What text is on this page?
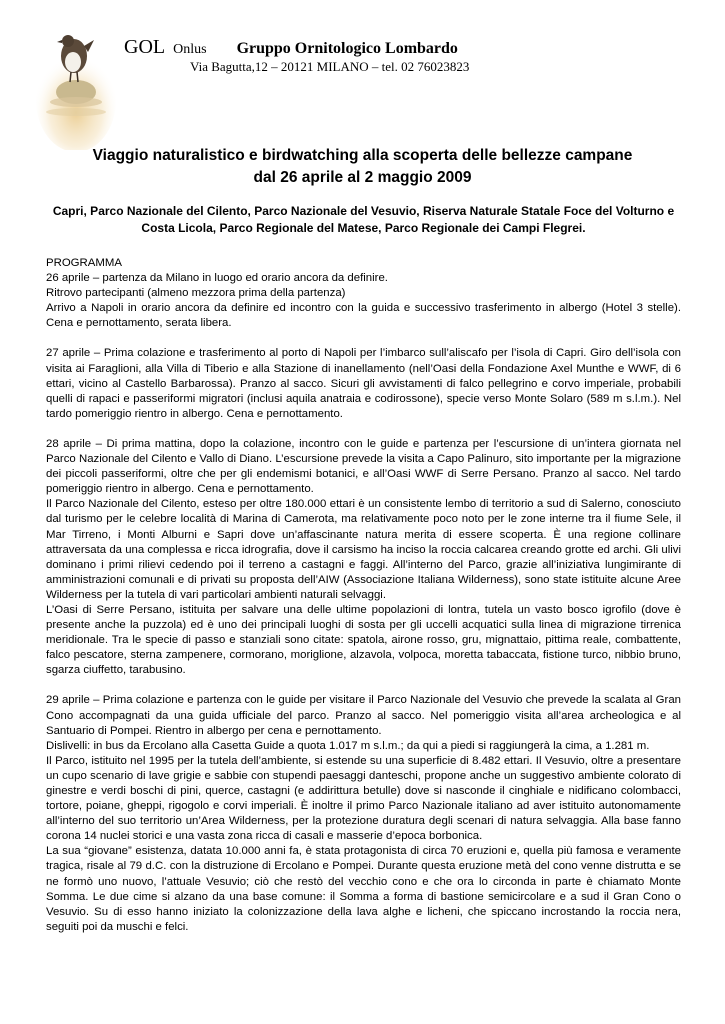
GOL Onlus Gruppo Ornitologico Lombardo
Via Bagutta,12 – 20121 MILANO – tel. 02 76023823
Viaggio naturalistico e birdwatching alla scoperta delle bellezze campane
dal 26 aprile al 2 maggio 2009
Capri, Parco Nazionale del Cilento, Parco Nazionale del Vesuvio, Riserva Naturale Statale Foce del Volturno e Costa Licola, Parco Regionale del Matese, Parco Regionale dei Campi Flegrei.

PROGRAMMA

26 aprile – partenza da Milano in luogo ed orario ancora da definire.

Ritrovo partecipanti (almeno mezzora prima della partenza)

Arrivo a Napoli in orario ancora da definire ed incontro con la guida e successivo trasferimento in albergo (Hotel 3 stelle). Cena e pernottamento, serata libera.

27 aprile – Prima colazione e trasferimento al porto di Napoli per l’imbarco sull’aliscafo per l’isola di Capri. Giro dell’isola con visita ai Faraglioni, alla Villa di Tiberio e alla Stazione di inanellamento (nell’Oasi della Fondazione Axel Munthe e WWF, di 6 ettari, vicino al Castello Barbarossa). Pranzo al sacco. Sicuri gli avvistamenti di falco pellegrino e corvo imperiale, probabili quelli di rapaci e passeriformi migratori (inclusi aquila anatraia e codirossone), specie verso Monte Solaro (589 m s.l.m.). Nel tardo pomeriggio rientro in albergo. Cena e pernottamento.

28 aprile – Di prima mattina, dopo la colazione, incontro con le guide e partenza per l’escursione di un’intera giornata nel Parco Nazionale del Cilento e Vallo di Diano. L’escursione prevede la visita a Capo Palinuro, sito importante per la migrazione dei piccoli passeriformi, oltre che per gli endemismi botanici, e all’Oasi WWF di Serre Persano. Pranzo al sacco. Nel tardo pomeriggio rientro in albergo. Cena e pernottamento.

Il Parco Nazionale del Cilento, esteso per oltre 180.000 ettari è un consistente lembo di territorio a sud di Salerno, conosciuto dal turismo per le celebre località di Marina di Camerota, ma relativamente poco noto per le zone interne tra il fiume Sele, il Mar Tirreno, i Monti Alburni e Sapri dove un’affascinante natura merita di essere scoperta. È una regione collinare attraversata da una complessa e ricca idrografia, dove il carsismo ha inciso la roccia calcarea creando grotte ed archi. Gli ulivi dominano i primi rilievi cedendo poi il terreno a castagni e faggi. All’interno del Parco, grazie all’iniziativa lungimirante di amministrazioni comunali e di privati su proposta dell’AIW (Associazione Italiana Wilderness), sono state istituite alcune Aree Wilderness per la tutela di vari particolari ambienti naturali selvaggi.

L’Oasi di Serre Persano, istituita per salvare una delle ultime popolazioni di lontra, tutela un vasto bosco igrofilo (dove è presente anche la puzzola) ed è uno dei principali luoghi di sosta per gli uccelli acquatici sulla linea di migrazione tirrenica meridionale. Tra le specie di passo e stanziali sono citate: spatola, airone rosso, gru, mignattaio, pittima reale, combattente, falco pescatore, sterna zampenere, cormorano, moriglione, alzavola, volpoca, moretta tabaccata, fistione turco, nibbio bruno, sgarza ciuffetto, tarabusino.

29 aprile – Prima colazione e partenza con le guide per visitare il Parco Nazionale del Vesuvio che prevede la scalata al Gran Cono accompagnati da una guida ufficiale del parco. Pranzo al sacco. Nel pomeriggio visita all’area archeologica e al Santuario di Pompei. Rientro in albergo per cena e pernottamento.

Dislivelli: in bus da Ercolano alla Casetta Guide a quota 1.017 m s.l.m.; da qui a piedi si raggiungerà la cima, a 1.281 m.

Il Parco, istituito nel 1995 per la tutela dell’ambiente, si estende su una superficie di 8.482 ettari. Il Vesuvio, oltre a presentare un cupo scenario di lave grigie e sabbie con stupendi paesaggi danteschi, propone anche un suggestivo ambiente colorato di ginestre e verdi boschi di pini, querce, castagni (e addirittura betulle) dove si nasconde il cinghiale e nidificano colombacci, tortore, poiane, gheppi, rigogolo e corvi imperiali. È inoltre il primo Parco Nazionale italiano ad aver istituito autonomamente all’interno del suo territorio un’Area Wilderness, per la protezione duratura degli scenari di natura selvaggia. Alla base fanno corona 14 nuclei storici e una vasta zona ricca di casali e masserie d’epoca borbonica.

La sua “giovane” esistenza, datata 10.000 anni fa, è stata protagonista di circa 70 eruzioni e, quella più famosa e veramente tragica, risale al 79 d.C. con la distruzione di Ercolano e Pompei. Durante questa eruzione metà del cono venne distrutta e se ne formò uno nuovo, l’attuale Vesuvio; ciò che restò del vecchio cono e che ora lo circonda in parte è chiamato Monte Somma. Le due cime si alzano da una base comune: il Somma a forma di bastione semicircolare e a sud il Gran Cono o Vesuvio. Su di esso hanno iniziato la colonizzazione della lava alghe e licheni, che spiccano incrostando la roccia nera, seguiti poi da muschi e felci.
